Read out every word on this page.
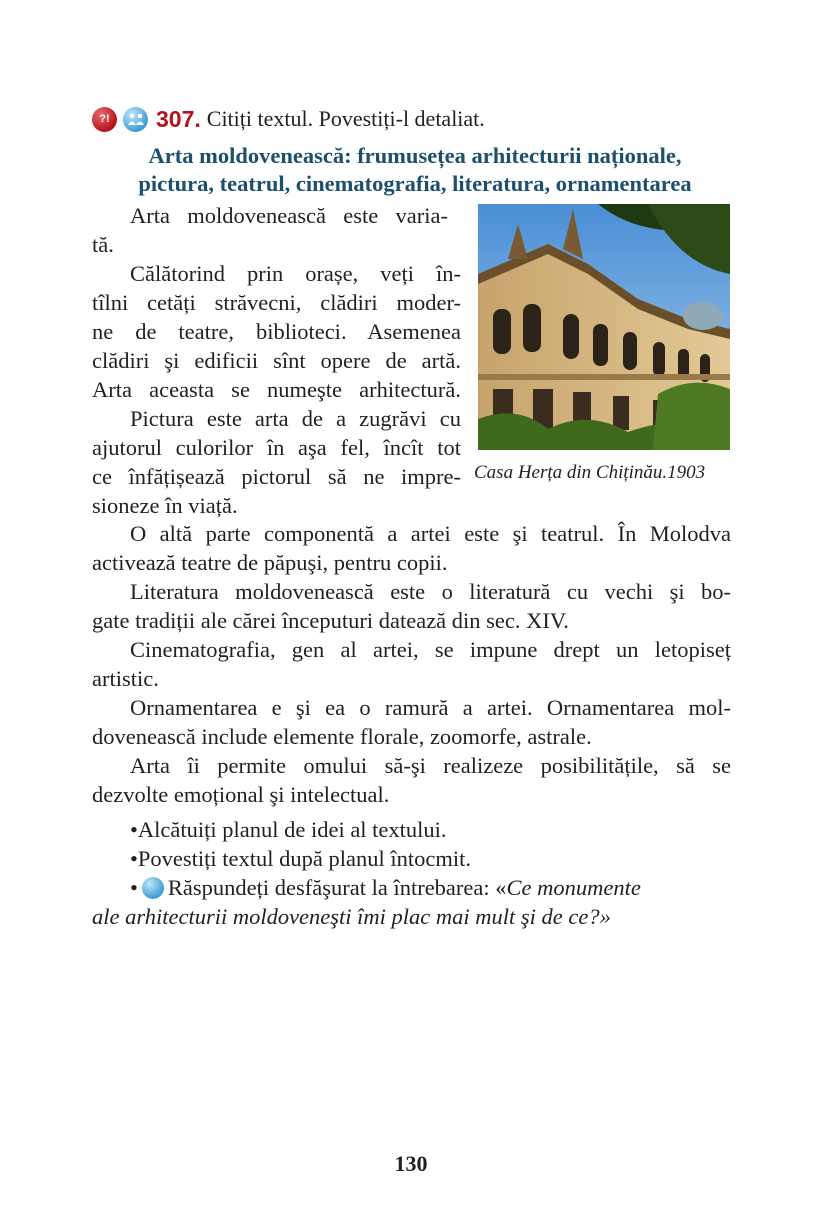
?!	307. Citiți textul. Povestiți-l detaliat.
Arta moldovenească: frumusețea arhitecturii naționale,
pictura, teatrul, cinematografia, literatura, ornamentarea
Arta moldovenească este varia-
tă.
Călătorind prin orașe, veți în-
tîlni cetăți străvecni, clădiri moder-
ne de teatre, biblioteci. Asemenea
clădiri şi edificii sînt opere de artă.
Arta aceasta se numeşte arhitectură.
Pictura este arta de a zugrăvi cu
ajutorul culorilor în aşa fel, încît tot
ce înfățișează pictorul să ne impre-
sioneze în viață.
Casa Herța din Chiținău.1903
O altă parte componentă a artei este şi teatrul. În Molodva
activează teatre de păpuşi, pentru copii.
Literatura moldovenească este o literatură cu vechi şi bo-
gate tradiții ale cărei începuturi datează din sec. XIV.
Cinematografia, gen al artei, se impune drept un letopiseț
artistic.
Ornamentarea e şi ea o ramură a artei. Ornamentarea mol-
dovenească include elemente florale, zoomorfe, astrale.
Arta îi permite omului să-şi realizeze posibilitățile, să se
dezvolte emoțional şi intelectual.
•Alcătuiți planul de idei al textului.
•Povestiți textul după planul întocmit.
• Răspundeți desfăşurat la întrebarea: «Ce monumente
ale arhitecturii moldoveneşti îmi plac mai mult şi de ce?»
130
